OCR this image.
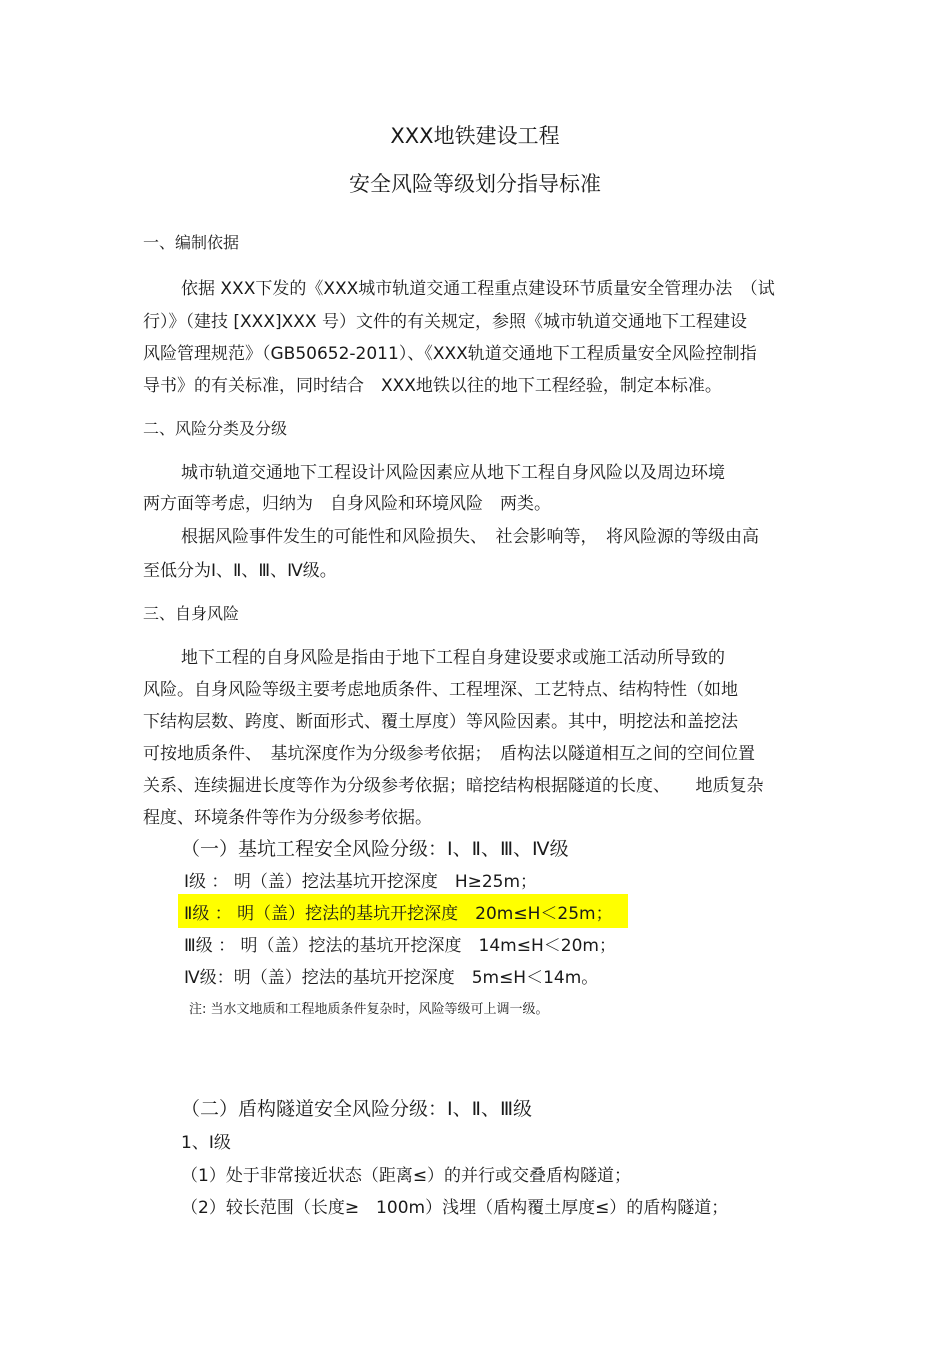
XXX地铁建设工程
安全风险等级划分指导标准
一、编制依据
依据 XXX下发的《XXX城市轨道交通工程重点建设环节质量安全管理办法　（试
行）》（建技 [XXX]XXX 号）文件的有关规定，参照《城市轨道交通地下工程建设
风险管理规范》（GB50652-2011）、《XXX轨道交通地下工程质量安全风险控制指
导书》的有关标准，同时结合　XXX地铁以往的地下工程经验，制定本标准。
二、风险分类及分级
城市轨道交通地下工程设计风险因素应从地下工程自身风险以及周边环境
两方面等考虑，归纳为　自身风险和环境风险　两类。
根据风险事件发生的可能性和风险损失、　社会影响等，　将风险源的等级由高
至低分为Ⅰ、Ⅱ、Ⅲ、Ⅳ级。
三、自身风险
地下工程的自身风险是指由于地下工程自身建设要求或施工活动所导致的
风险。自身风险等级主要考虑地质条件、工程埋深、工艺特点、结构特性（如地
下结构层数、跨度、断面形式、覆土厚度）等风险因素。其中，明挖法和盖挖法
可按地质条件、　基坑深度作为分级参考依据；　盾构法以隧道相互之间的空间位置
关系、连续掘进长度等作为分级参考依据；暗挖结构根据隧道的长度、　　地质复杂
程度、环境条件等作为分级参考依据。
（一）基坑工程安全风险分级：Ⅰ、Ⅱ、Ⅲ、Ⅳ级
Ⅰ级 ： 明（盖）挖法基坑开挖深度　H≥25m；
Ⅱ级 ： 明（盖）挖法的基坑开挖深度　20m≤H＜25m；
Ⅲ级 ： 明（盖）挖法的基坑开挖深度　14m≤H＜20m；
Ⅳ级：明（盖）挖法的基坑开挖深度　5m≤H＜14m。
注: 当水文地质和工程地质条件复杂时，风险等级可上调一级。
（二）盾构隧道安全风险分级：Ⅰ、Ⅱ、Ⅲ级
1、Ⅰ级
（1）处于非常接近状态（距离≤）的并行或交叠盾构隧道；
（2）较长范围（长度≥　100m）浅埋（盾构覆土厚度≤）的盾构隧道；
